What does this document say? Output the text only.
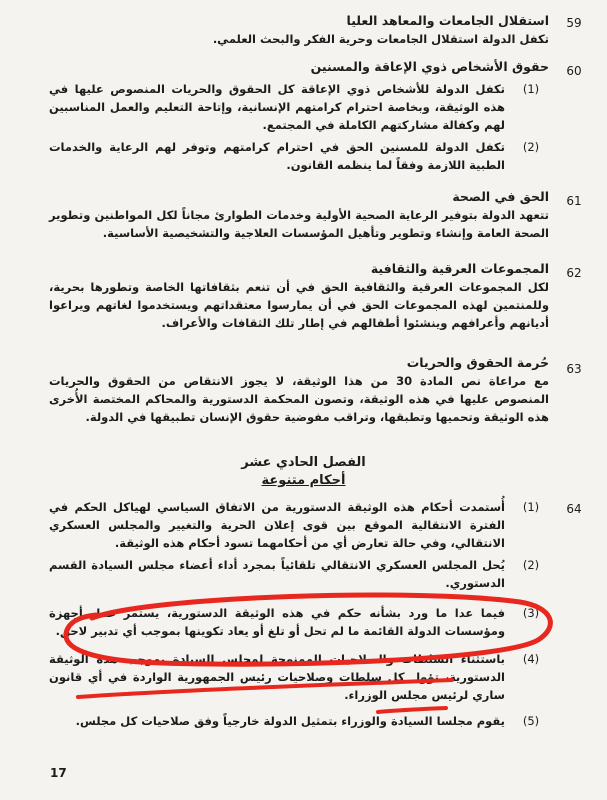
59
استقلال الجامعات والمعاهد العليا
تكفل الدولة استقلال الجامعات وحرية الفكر والبحث العلمي.
60
حقوق الأشخاص ذوي الإعاقة والمسنين
(1)
تكفل الدولة للأشخاص ذوي الإعاقة كل الحقوق والحريات المنصوص عليها في هذه الوثيقة، وبخاصة احترام كرامتهم الإنسانية، وإتاحة التعليم والعمل المناسبين لهم وكفالة مشاركتهم الكاملة في المجتمع.
(2)
تكفل الدولة للمسنين الحق في احترام كرامتهم وتوفر لهم الرعاية والخدمات الطبية اللازمة وفقاً لما ينظمه القانون.
61
الحق في الصحة
تتعهد الدولة بتوفير الرعاية الصحية الأولية وخدمات الطوارئ مجاناً لكل المواطنين وتطوير الصحة العامة وإنشاء وتطوير وتأهيل المؤسسات العلاجية والتشخيصية الأساسية.
62
المجموعات العرقية والثقافية
لكل المجموعات العرقية والثقافية الحق في أن تنعم بثقافاتها الخاصة وتطورها بحرية، وللمنتمين لهذه المجموعات الحق في أن يمارسوا معتقداتهم ويستخدموا لغاتهم ويراعوا أديانهم وأعرافهم وينشئوا أطفالهم في إطار تلك الثقافات والأعراف.
63
حُرمة الحقوق والحريات
مع مراعاة نص المادة 30 من هذا الوثيقة، لا يجوز الانتقاص من الحقوق والحريات المنصوص عليها في هذه الوثيقة، وتصون المحكمة الدستورية والمحاكم المختصة الأُخرى هذه الوثيقة وتحميها وتطبقها، وتراقب مفوضية حقوق الإنسان تطبيقها في الدولة.
الفصل الحادي عشر
أحكام متنوعة
64
(1)
أُستمدت أحكام هذه الوثيقة الدستورية من الاتفاق السياسي لهياكل الحكم في الفترة الانتقالية الموقع بين قوى إعلان الحرية والتغيير والمجلس العسكري الانتقالي، وفي حالة تعارض أي من أحكامهما تسود أحكام هذه الوثيقة.
(2)
يُحل المجلس العسكري الانتقالي تلقائياً بمجرد أداء أعضاء مجلس السيادة القسم الدستوري.
(3)
فيما عدا ما ورد بشأنه حكم في هذه الوثيقة الدستورية، يستمر عمل أجهزة ومؤسسات الدولة القائمة ما لم تحل أو تلغ أو يعاد تكوينها بموجب أي تدبير لاحق.
(4)
باستثناء السلطات والصلاحيات الممنوحة لمجلس السيادة بموجب هذه الوثيقة الدستورية، تؤول كل سلطات وصلاحيات رئيس الجمهورية الواردة في أي قانون ساري لرئيس مجلس الوزراء.
(5)
يقوم مجلسا السيادة والوزراء بتمثيل الدولة خارجياً وفق صلاحيات كل مجلس.
17
